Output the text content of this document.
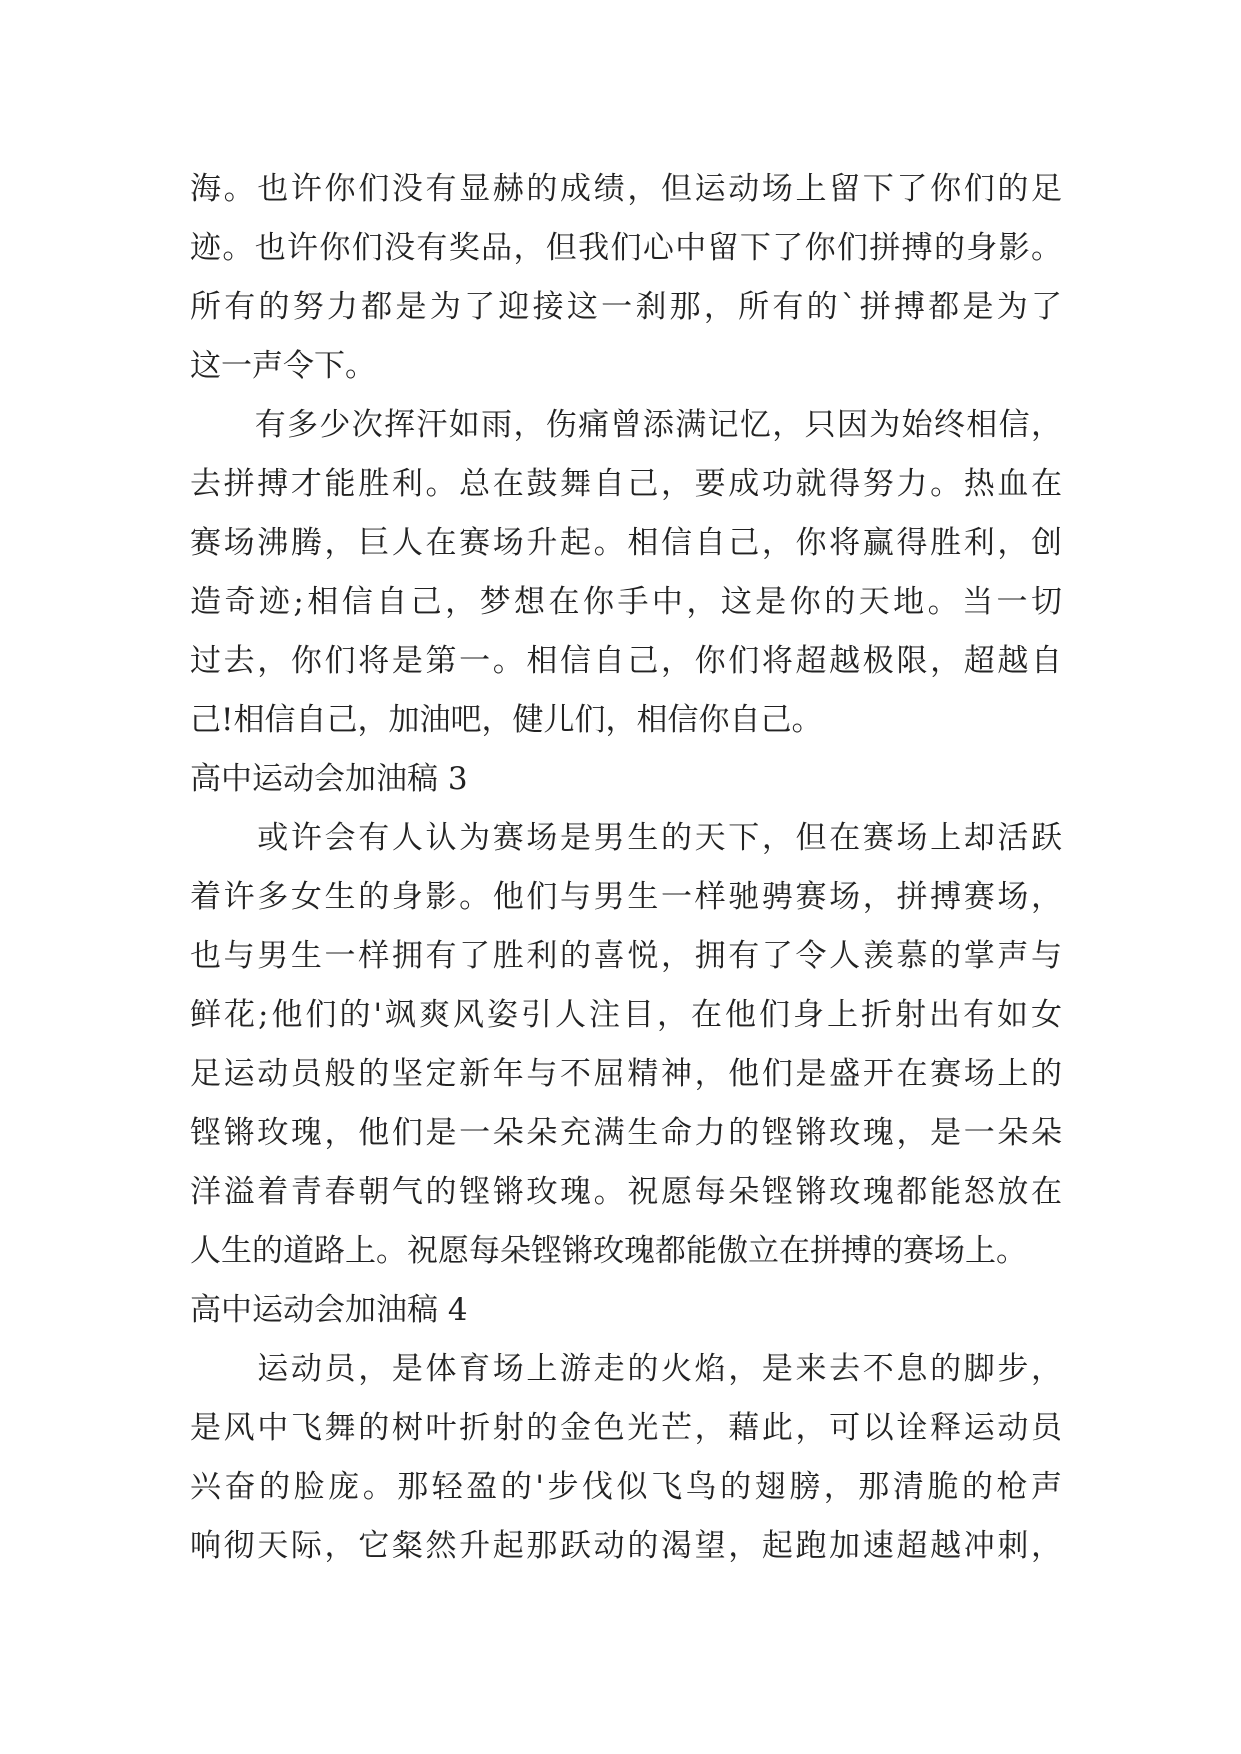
海。也许你们没有显赫的成绩，但运动场上留下了你们的足
迹。也许你们没有奖品，但我们心中留下了你们拼搏的身影。
所有的努力都是为了迎接这一刹那，所有的`拼搏都是为了
这一声令下。
　　有多少次挥汗如雨，伤痛曾添满记忆，只因为始终相信，
去拼搏才能胜利。总在鼓舞自己，要成功就得努力。热血在
赛场沸腾，巨人在赛场升起。相信自己，你将赢得胜利，创
造奇迹;相信自己，梦想在你手中，这是你的天地。当一切
过去，你们将是第一。相信自己，你们将超越极限，超越自
己!相信自己，加油吧，健儿们，相信你自己。
高中运动会加油稿 3
　　或许会有人认为赛场是男生的天下，但在赛场上却活跃
着许多女生的身影。他们与男生一样驰骋赛场，拼搏赛场，
也与男生一样拥有了胜利的喜悦，拥有了令人羡慕的掌声与
鲜花;他们的'飒爽风姿引人注目，在他们身上折射出有如女
足运动员般的坚定新年与不屈精神，他们是盛开在赛场上的
铿锵玫瑰，他们是一朵朵充满生命力的铿锵玫瑰，是一朵朵
洋溢着青春朝气的铿锵玫瑰。祝愿每朵铿锵玫瑰都能怒放在
人生的道路上。祝愿每朵铿锵玫瑰都能傲立在拼搏的赛场上。
高中运动会加油稿 4
　　运动员，是体育场上游走的火焰，是来去不息的脚步，
是风中飞舞的树叶折射的金色光芒，藉此，可以诠释运动员
兴奋的脸庞。那轻盈的'步伐似飞鸟的翅膀，那清脆的枪声
响彻天际，它粲然升起那跃动的渴望，起跑加速超越冲刺，
